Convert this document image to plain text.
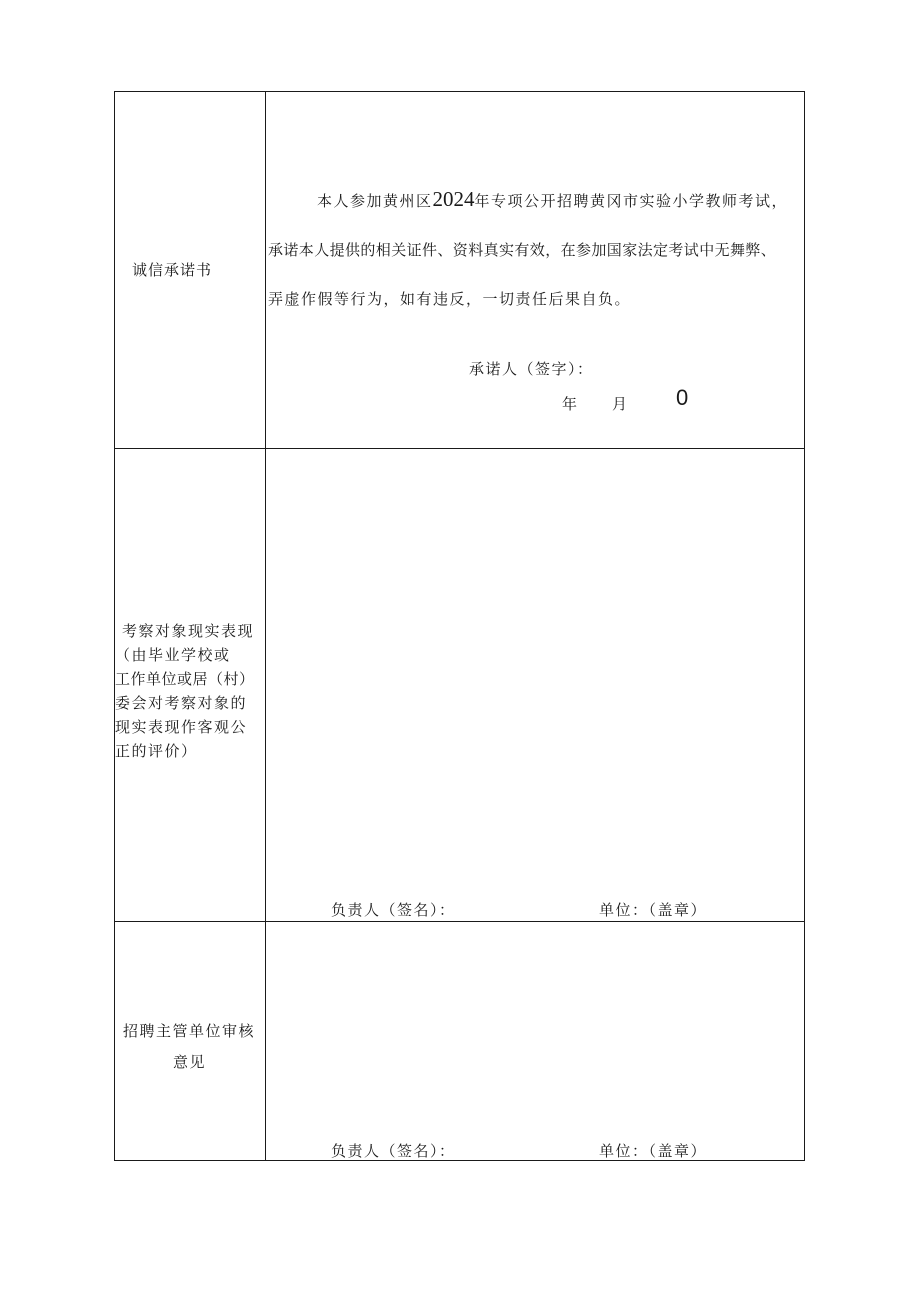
诚信承诺书
本人参加黄州区2024年专项公开招聘黄冈市实验小学教师考试，
承诺本人提供的相关证件、资料真实有效，在参加国家法定考试中无舞弊、
弄虚作假等行为，如有违反，一切责任后果自负。
承诺人（签字）：
年 月 0
考察对象现实表现
（由毕业学校或
工作单位或居（村）
委会对考察对象的
现实表现作客观公
正的评价）
负责人（签名）：	单位：（盖章）
招聘主管单位审核
意见
负责人（签名）：	单位：（盖章）
